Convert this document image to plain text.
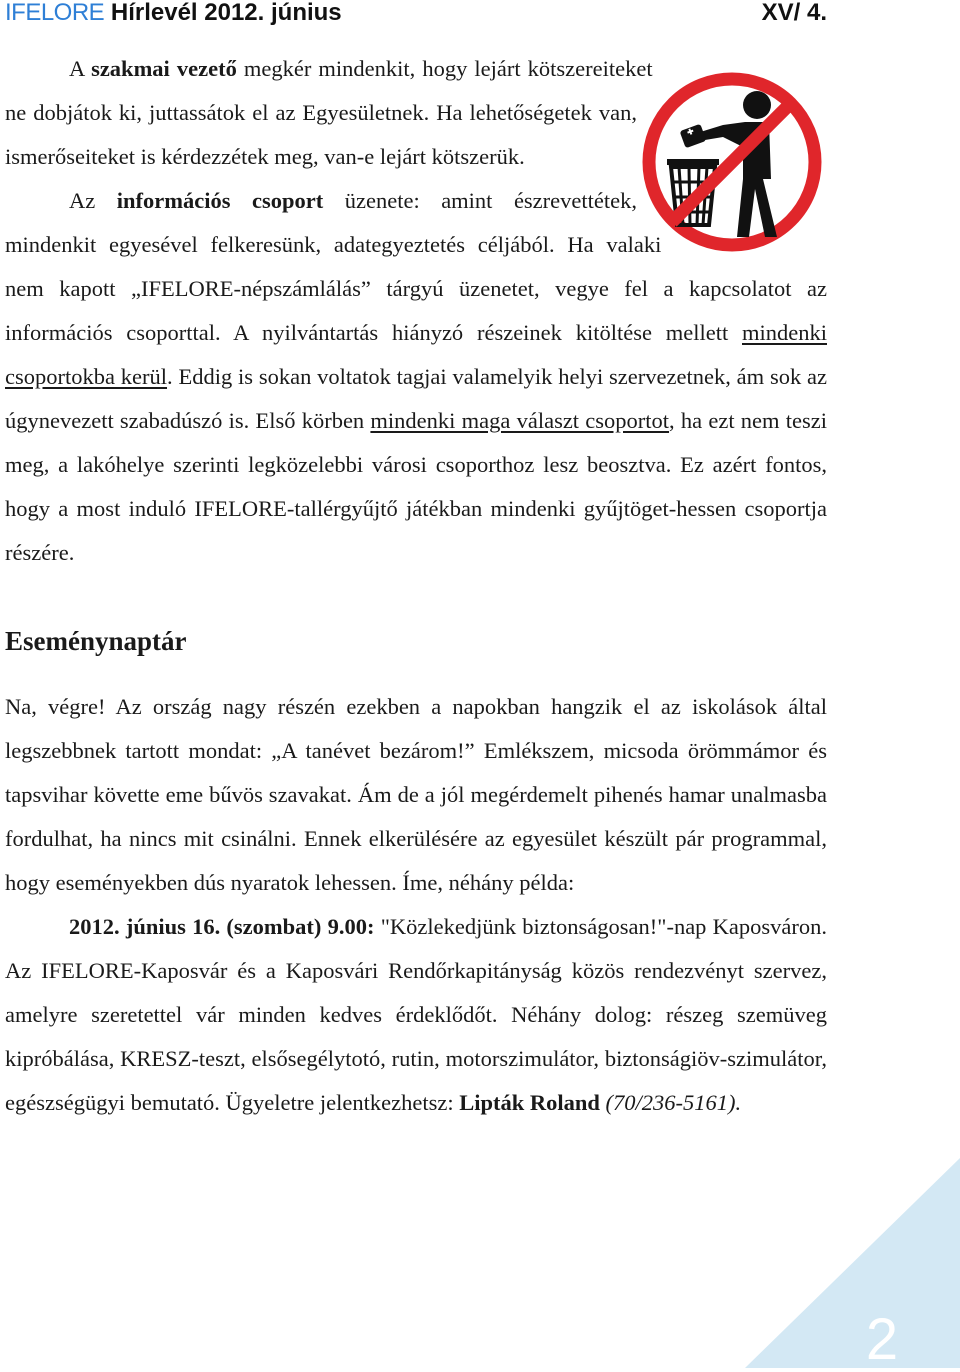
IFELORE Hírlevél 2012. június	XV/ 4.

A szakmai vezető megkér mindenkit, hogy lejárt kötszereiteket ne dobjátok ki, juttassátok el az Egyesületnek. Ha lehetőségetek van, ismerőseiteket is kérdezzétek meg, van-e lejárt kötszerük.

Az információs csoport üzenete: amint észrevettétek, mindenkit egyesével felkeresünk, adategyeztetés céljából. Ha valaki nem kapott „IFELORE-népszámlálás” tárgyú üzenetet, vegye fel a kapcsolatot az információs csoporttal. A nyilvántartás hiányzó részeinek kitöltése mellett mindenki csoportokba kerül. Eddig is sokan voltatok tagjai valamelyik helyi szervezetnek, ám sok az úgynevezett szabadúszó is. Első körben mindenki maga választ csoportot, ha ezt nem teszi meg, a lakóhelye szerinti legközelebbi városi csoporthoz lesz beosztva. Ez azért fontos, hogy a most induló IFELORE-tallérgyűjtő játékban mindenki gyűjtöget-hessen csoportja részére.

Eseménynaptár

Na, végre! Az ország nagy részén ezekben a napokban hangzik el az iskolások által legszebbnek tartott mondat: „A tanévet bezárom!” Emlékszem, micsoda örömmámor és tapsvihar követte eme bűvös szavakat. Ám de a jól megérdemelt pihenés hamar unalmasba fordulhat, ha nincs mit csinálni. Ennek elkerülésére az egyesület készült pár programmal, hogy eseményekben dús nyaratok lehessen. Íme, néhány példa:

2012. június 16. (szombat) 9.00: "Közlekedjünk biztonságosan!"-nap Kaposváron. Az IFELORE-Kaposvár és a Kaposvári Rendőrkapitányság közös rendezvényt szervez, amelyre szeretettel vár minden kedves érdeklődőt. Néhány dolog: részeg szemüveg kipróbálása, KRESZ-teszt, elsősegélytotó, rutin, motorszimulátor, biztonságiöv-szimulátor, egészségügyi bemutató. Ügyeletre jelentkezhetsz: Lipták Roland (70/236-5161).

2
